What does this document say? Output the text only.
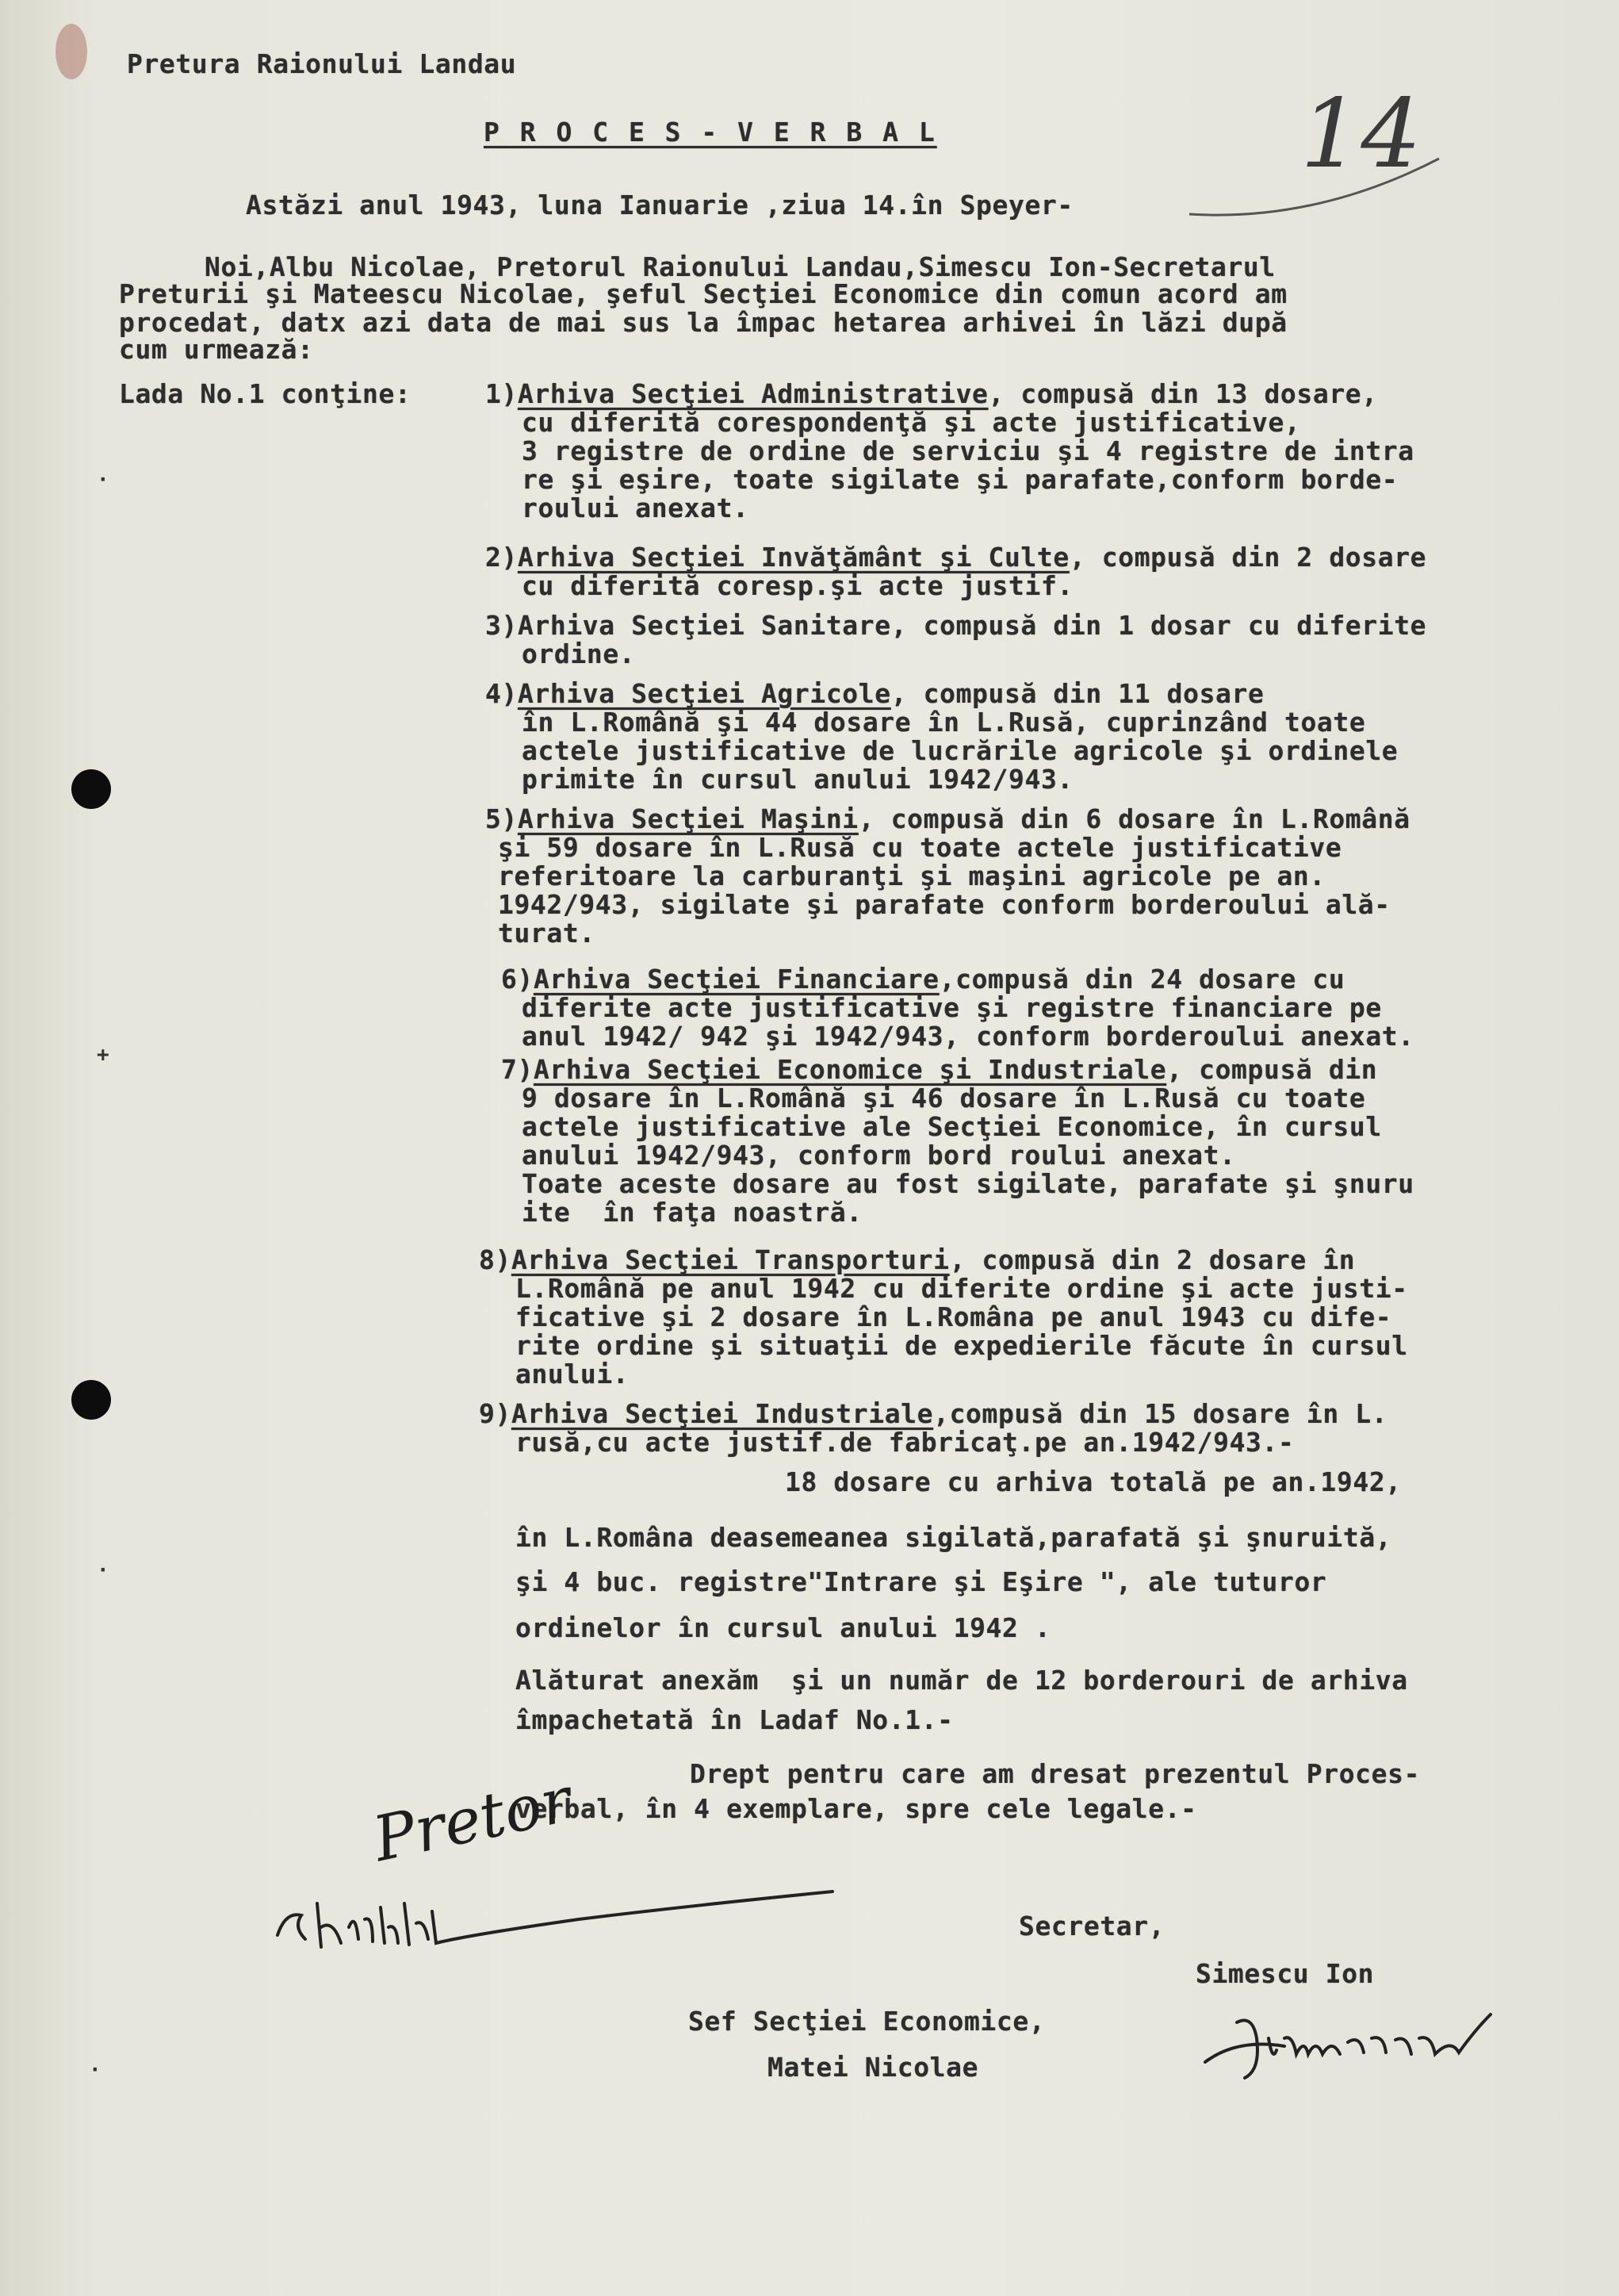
·
+
·
·
Pretura Raionului Landau
P R O C E S - V E R B A L	14
Astăzi anul 1943, luna Ianuarie ,ziua 14.în Speyer-
Noi,Albu Nicolae, Pretorul Raionului Landau,Simescu Ion-Secretarul
Preturii şi Mateescu Nicolae, şeful Secţiei Economice din comun acord am
procedat, datx azi data de mai sus la împac hetarea arhivei în lăzi după
cum urmează:
Lada No.1 conţine:	1)Arhiva Secţiei Administrative, compusă din 13 dosare,
cu diferită corespondenţă şi acte justificative,
3 registre de ordine de serviciu şi 4 registre de intra
re şi eşire, toate sigilate şi parafate,conform borde-
roului anexat.
2)Arhiva Secţiei Invăţământ şi Culte, compusă din 2 dosare
cu diferită coresp.şi acte justif.
3)Arhiva Secţiei Sanitare, compusă din 1 dosar cu diferite
ordine.
4)Arhiva Secţiei Agricole, compusă din 11 dosare
în L.Română şi 44 dosare în L.Rusă, cuprinzând toate
actele justificative de lucrările agricole şi ordinele
primite în cursul anului 1942/943.
5)Arhiva Secţiei Maşini, compusă din 6 dosare în L.Română
şi 59 dosare în L.Rusă cu toate actele justificative
referitoare la carburanţi şi maşini agricole pe an.
1942/943, sigilate şi parafate conform borderoului ală-
turat.
6)Arhiva Secţiei Financiare,compusă din 24 dosare cu
diferite acte justificative şi registre financiare pe
anul 1942/ 942 şi 1942/943, conform borderoului anexat.
7)Arhiva Secţiei Economice şi Industriale, compusă din
9 dosare în L.Română şi 46 dosare în L.Rusă cu toate
actele justificative ale Secţiei Economice, în cursul
anului 1942/943, conform bord roului anexat.
Toate aceste dosare au fost sigilate, parafate şi şnuru
ite  în faţa noastră.
8)Arhiva Secţiei Transporturi, compusă din 2 dosare în
L.Română pe anul 1942 cu diferite ordine şi acte justi-
ficative şi 2 dosare în L.Româna pe anul 1943 cu dife-
rite ordine şi situaţii de expedierile făcute în cursul
anului.
9)Arhiva Secţiei Industriale,compusă din 15 dosare în L.
rusă,cu acte justif.de fabricaţ.pe an.1942/943.-
18 dosare cu arhiva totală pe an.1942,
în L.Româna deasemeanea sigilată,parafată şi şnuruită,
şi 4 buc. registre"Intrare şi Eşire ", ale tuturor
ordinelor în cursul anului 1942 .
Alăturat anexăm  şi un număr de 12 borderouri de arhiva
împachetată în Ladaf No.1.-
Drept pentru care am dresat prezentul Proces-
verbal, în 4 exemplare, spre cele legale.-
Pretor
Secretar,
Simescu Ion
Sef Secţiei Economice,
Matei Nicolae
